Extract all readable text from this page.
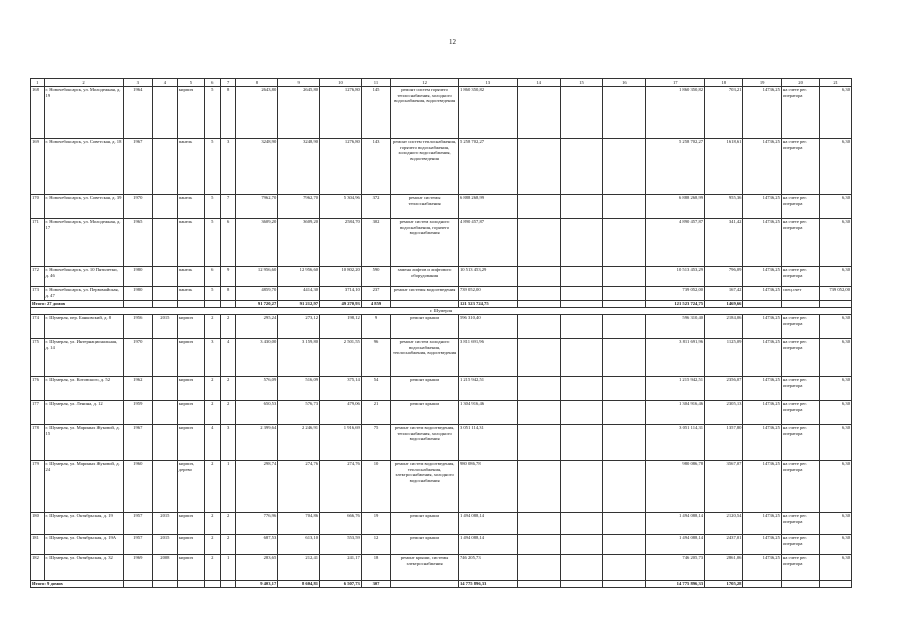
12
1	2	3	4	5	6	7	8	9	10	11	12	13	14	15	16	17	18	19	20	21
168	г. Новочебоксарск, ул. Молодежная, д. 19	1964		кирпич	5	8	2643,80	2645,80	1276,80	145	ремонт систем горячего теплоснабжения, холодного водоснабжения, водоотведения	1 860 350,82				1 860 350,82	703,21	14736,25	на счете рег. оператора	6,30
169	г. Новочебоксарск, ул. Советская, д. 18	1967		панель	5	3	3248,90	3248,90	1276,80	143	ремонт систем теплоснабжения, горячего водоснабжения, холодного водоснабжения, водоотведения	5 258 702,27				5 258 702,27	1618,61	14736,25	на счете рег. оператора	6,30
170	г. Новочебоксарск, ул. Советская, д. 39	1970		панель	5	7	7962,70	7962,70	5 304,96	372	ремонт системы теплоснабжения	6 888 268,99				6 888 268,99	955,36	14736,25	на счете рег. оператора	6,30
171	г. Новочебоксарск, ул. Молодежная, д. 17	1965		панель	5	6	3609,20	3609,20	2584,70	302	ремонт систем холодного водоснабжения, горячего водоснабжения	4 890 457,87				4 890 457,87	341,42	14736,25	на счете рег. оператора	6,30
172	г. Новочебоксарск, ул. 10 Пятилетки, д. 46	1980		панель	6	9	12 956,60	12 956,60	10 802,20	590	замена лифтов и лифтового оборудования	10 513 453,29				10 513 453,29	796,09	14736,25	на счете рег. оператора	6,30
173	г. Новочебоксарск, ул. Первомайская, д. 47	1980		панель	5	8	4859,70	4414,30	3714,10	237	ремонт системы водоотведения	739 052,00				739 052,00	167,42	14736,25	спец.счет	739 052,00
Итого: 27 домов							91 720,27	91 212,97	49 270,93	4 859		121 523 724,75				121 523 724,75	1469,66			
г. Шумерля																				
174	г. Шумерля, пер. Банковский, д. 8	1956	2015	кирпич	2	2	295,24	273,12	198,12	9	ремонт крыши	596 310,40				596 310,40	2184,06	14736,25	на счете рег. оператора	6,30
175	г. Шумерля, ул. Интернациональная, д. 14	1970		кирпич	3	4	3 430,00	3 159,80	2 501,55	96	ремонт систем холодного водоснабжения, теплоснабжения, водоотведения	3 811 691,96				3 811 691,96	1125,09	14736,25	на счете рег. оператора	6,30
176	г. Шумерля, ул. Котовского, д. 52	1962		кирпич	2	2	576,09	516,09	375,14	54	ремонт крыши	1 215 942,51				1 215 942,51	2356,07	14736,25	на счете рег. оператора	6,30
177	г. Шумерля, ул. Ленина, д. 12	1959		кирпич	2	2	650,53	576,73	479,06	21	ремонт крыши	1 304 916,46				1 304 916,46	2305,13	14736,25	на счете рег. оператора	6,30
178	г. Шумерля, ул. Мариных Жуковой, д. 15	1967		кирпич	4	3	2 399,64	2 246,91	1 916,69	75	ремонт систем водоотведения, теплоснабжения, холодного водоснабжения	3 051 114,31				3 051 114,31	1357,80	14736,25	на счете рег. оператора	6,30
179	г. Шумерля, ул. Мариных Жуковой, д. 24	1960		кирпич, дерево	2	1	298,74	274,76	274,76	10	ремонт систем водоотведения, теплоснабжения, электроснабжения, холодного водоснабжения	980 086,78				980 086,78	3567,07	14736,25	на счете рег. оператора	6,30
180	г. Шумерля, ул. Октябрьская, д. 19	1957	2015	кирпич	2	2	776,96	704,86	666,76	19	ремонт крыши	1 494 088,14				1 494 088,14	2120,54	14736,25	на счете рег. оператора	6,30
181	г. Шумерля, ул. Октябрьская, д. 19А	1957	2015	кирпич	2	2	687,53	613,10	553,59	12	ремонт крыши	1 494 088,14				1 494 088,14	2437,01	14736,25	на счете рег. оператора	6,30
182	г. Шумерля, ул. Октябрьская, д. 32	1969	2008	кирпич	2	1	283,65	212,41	241,17	18	ремонт крыши, системы электроснабжения	746 205,73				746 205,73	2861,06	14736,25	на счете рег. оператора	6,30
Итого: 9 домов							9 403,17	8 604,81	6 507,73	307		14 775 896,33				14 775 896,33	1705,28			
